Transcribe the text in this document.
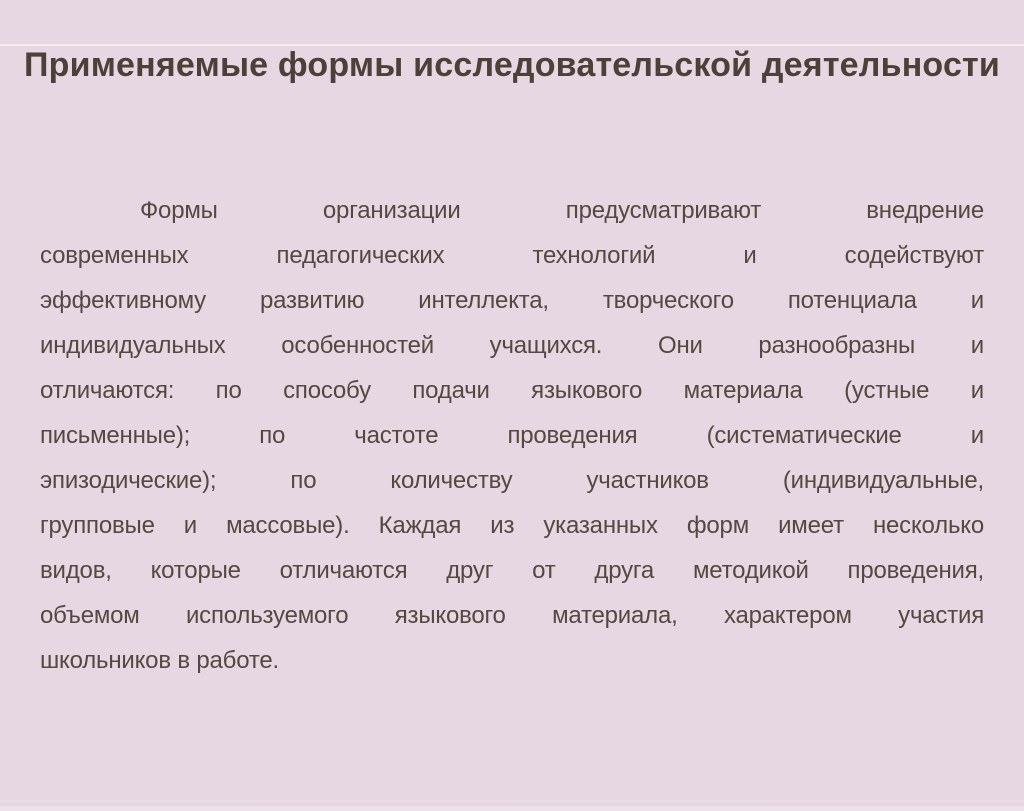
Применяемые формы исследовательской деятельности
Формы организации предусматривают внедрение
современных педагогических технологий и содействуют
эффективному развитию интеллекта, творческого потенциала и
индивидуальных особенностей учащихся. Они разнообразны и
отличаются: по способу подачи языкового материала (устные и
письменные); по частоте проведения (систематические и
эпизодические); по количеству участников (индивидуальные,
групповые и массовые). Каждая из указанных форм имеет несколько
видов, которые отличаются друг от друга методикой проведения,
объемом используемого языкового материала, характером участия
школьников в работе.
